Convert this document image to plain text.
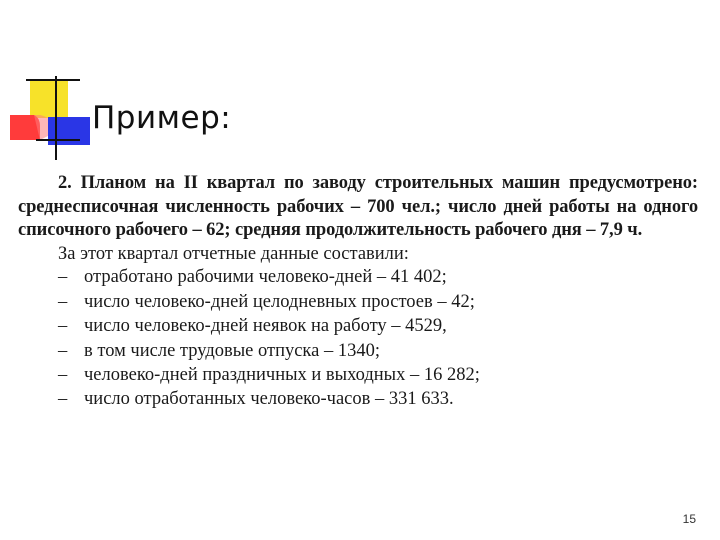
Пример:

2. Планом на II квартал по заводу строительных машин предусмотрено: среднесписочная численность рабочих – 700 чел.; число дней работы на одного списочного рабочего – 62; средняя продолжительность рабочего дня – 7,9 ч.

За этот квартал отчетные данные составили:

– отработано рабочими человеко-дней – 41 402;
– число человеко-дней целодневных простоев – 42;
– число человеко-дней неявок на работу – 4529,
– в том числе трудовые отпуска – 1340;
– человеко-дней праздничных и выходных – 16 282;
– число отработанных человеко-часов – 331 633.
15
